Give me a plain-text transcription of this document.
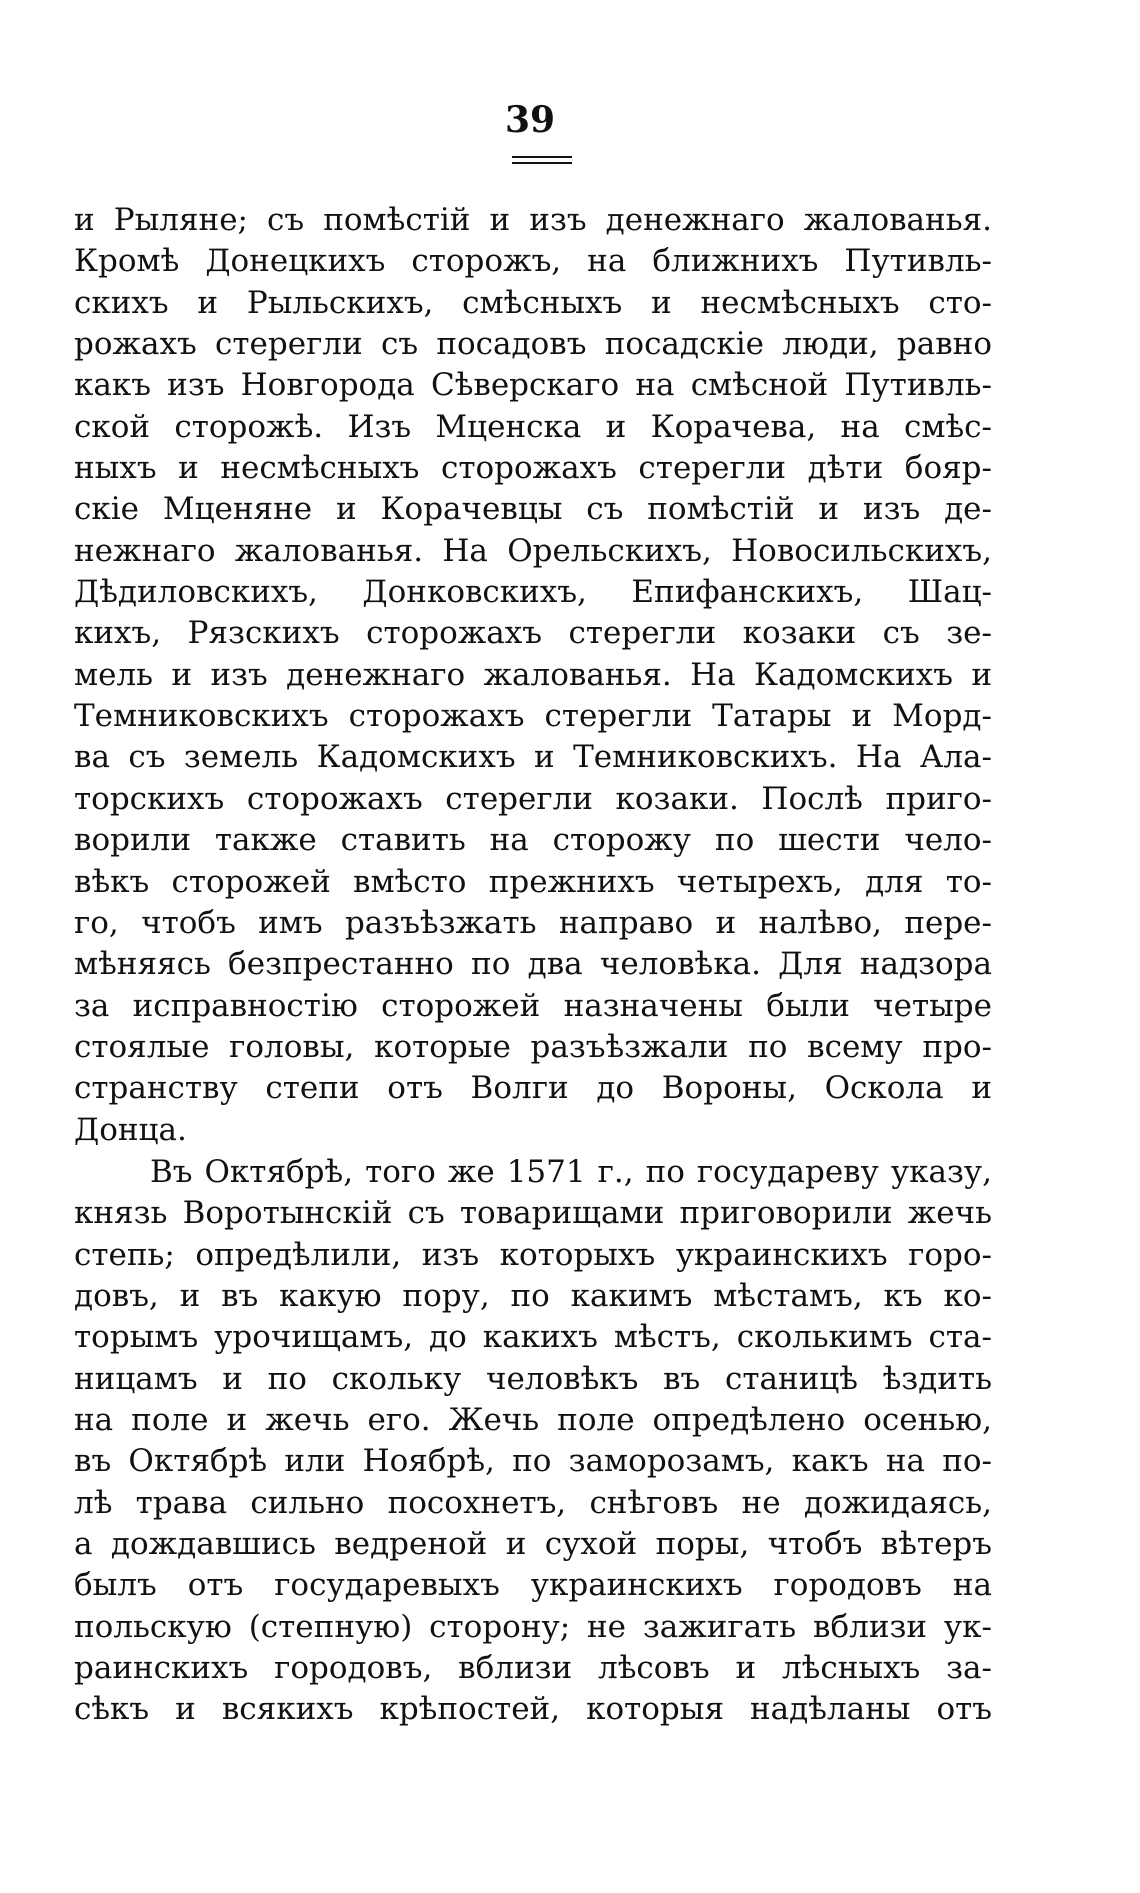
39
и Рыляне; съ помѣстій и изъ денежнаго жалованья.
Кромѣ Донецкихъ сторожъ, на ближнихъ Путивль-
скихъ и Рыльскихъ, смѣсныхъ и несмѣсныхъ сто-
рожахъ стерегли съ посадовъ посадскіе люди, равно
какъ изъ Новгорода Сѣверскаго на смѣсной Путивль-
ской сторожѣ. Изъ Мценска и Корачева, на смѣс-
ныхъ и несмѣсныхъ сторожахъ стерегли дѣти бояр-
скіе Мценяне и Корачевцы съ помѣстій и изъ де-
нежнаго жалованья. На Орельскихъ, Новосильскихъ,
Дѣдиловскихъ, Донковскихъ, Епифанскихъ, Шац-
кихъ, Рязскихъ сторожахъ стерегли козаки съ зе-
мель и изъ денежнаго жалованья. На Кадомскихъ и
Темниковскихъ сторожахъ стерегли Татары и Морд-
ва съ земель Кадомскихъ и Темниковскихъ. На Ала-
торскихъ сторожахъ стерегли козаки. Послѣ приго-
ворили также ставить на сторожу по шести чело-
вѣкъ сторожей вмѣсто прежнихъ четырехъ, для то-
го, чтобъ имъ разъѣзжать направо и налѣво, пере-
мѣняясь безпрестанно по два человѣка. Для надзора
за исправностію сторожей назначены были четыре
стоялые головы, которые разъѣзжали по всему про-
странству степи отъ Волги до Вороны, Оскола и
Донца.
Въ Октябрѣ, того же 1571 г., по государеву указу,
князь Воротынскій съ товарищами приговорили жечь
степь; опредѣлили, изъ которыхъ украинскихъ горо-
довъ, и въ какую пору, по какимъ мѣстамъ, къ ко-
торымъ урочищамъ, до какихъ мѣстъ, сколькимъ ста-
ницамъ и по скольку человѣкъ въ станицѣ ѣздить
на поле и жечь его. Жечь поле опредѣлено осенью,
въ Октябрѣ или Ноябрѣ, по заморозамъ, какъ на по-
лѣ трава сильно посохнетъ, снѣговъ не дожидаясь,
а дождавшись ведреной и сухой поры, чтобъ вѣтеръ
былъ отъ государевыхъ украинскихъ городовъ на
польскую (степную) сторону; не зажигать вблизи ук-
раинскихъ городовъ, вблизи лѣсовъ и лѣсныхъ за-
сѣкъ и всякихъ крѣпостей, которыя надѣланы отъ
